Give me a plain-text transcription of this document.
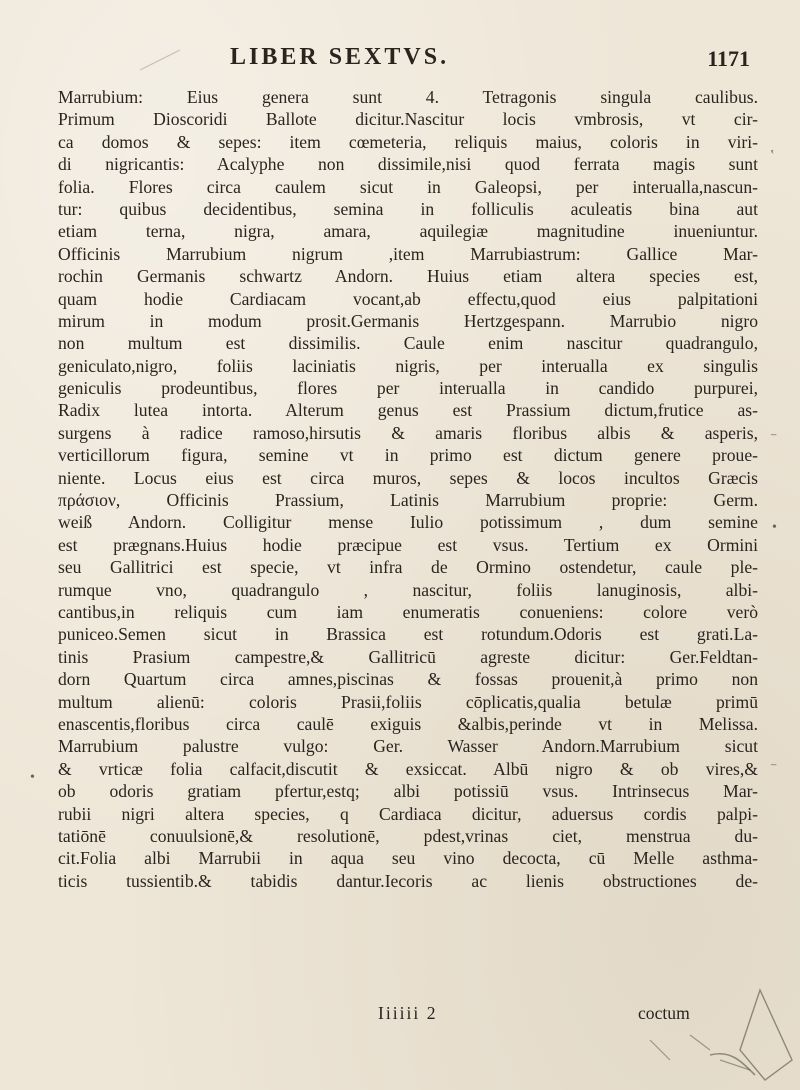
LIBER SEXTVS.	1171
Marrubium: Eius genera sunt 4. Tetragonis singula caulibus.
Primum Dioscoridi Ballote dicitur.Nascitur locis vmbrosis, vt cir-
ca domos & sepes: item cœmeteria, reliquis maius, coloris in viri-
di nigricantis: Acalyphe non dissimile,nisi quod ferrata magis sunt
folia. Flores circa caulem sicut in Galeopsi, per interualla,nascun-
tur: quibus decidentibus, semina in folliculis aculeatis bina aut
etiam terna, nigra, amara, aquilegiæ magnitudine inueniuntur.
Officinis Marrubium nigrum ,item Marrubiastrum: Gallice Mar-
rochin Germanis schwartz Andorn. Huius etiam altera species est,
quam hodie Cardiacam vocant,ab effectu,quod eius palpitationi
mirum in modum prosit.Germanis Hertzgespann. Marrubio nigro
non multum est dissimilis. Caule enim nascitur quadrangulo,
geniculato,nigro, foliis laciniatis nigris, per interualla ex singulis
geniculis prodeuntibus, flores per interualla in candido purpurei,
Radix lutea intorta. Alterum genus est Prassium dictum,frutice as-
surgens à radice ramoso,hirsutis & amaris floribus albis & asperis,
verticillorum figura, semine vt in primo est dictum genere proue-
niente. Locus eius est circa muros, sepes & locos incultos Græcis
πράσιον, Officinis Prassium, Latinis Marrubium proprie: Germ.
weiß Andorn. Colligitur mense Iulio potissimum , dum semine
est prægnans.Huius hodie præcipue est vsus. Tertium ex Ormini
seu Gallitrici est specie, vt infra de Ormino ostendetur, caule ple-
rumque vno, quadrangulo , nascitur, foliis lanuginosis, albi-
cantibus,in reliquis cum iam enumeratis conueniens: colore verò
puniceo.Semen sicut in Brassica est rotundum.Odoris est grati.La-
tinis Prasium campestre,& Gallitricū agreste dicitur: Ger.Feldtan-
dorn Quartum circa amnes,piscinas & fossas prouenit,à primo non
multum alienū: coloris Prasii,foliis cōplicatis,qualia betulæ primū
enascentis,floribus circa caulē exiguis &albis,perinde vt in Melissa.
Marrubium palustre vulgo: Ger. Wasser Andorn.Marrubium sicut
& vrticæ folia calfacit,discutit & exsiccat. Albū nigro & ob vires,&
ob odoris gratiam pfertur,estq; albi potissiū vsus. Intrinsecus Mar-
rubii nigri altera species, q Cardiaca dicitur, aduersus cordis palpi-
tatiōnē conuulsionē,& resolutionē, pdest,vrinas ciet, menstrua du-
cit.Folia albi Marrubii in aqua seu vino decocta, cū Melle asthma-
ticis tussientib.& tabidis dantur.Iecoris ac lienis obstructiones de-
Iiiiii 2	coctum
‛
⁻
•
•
⁻
